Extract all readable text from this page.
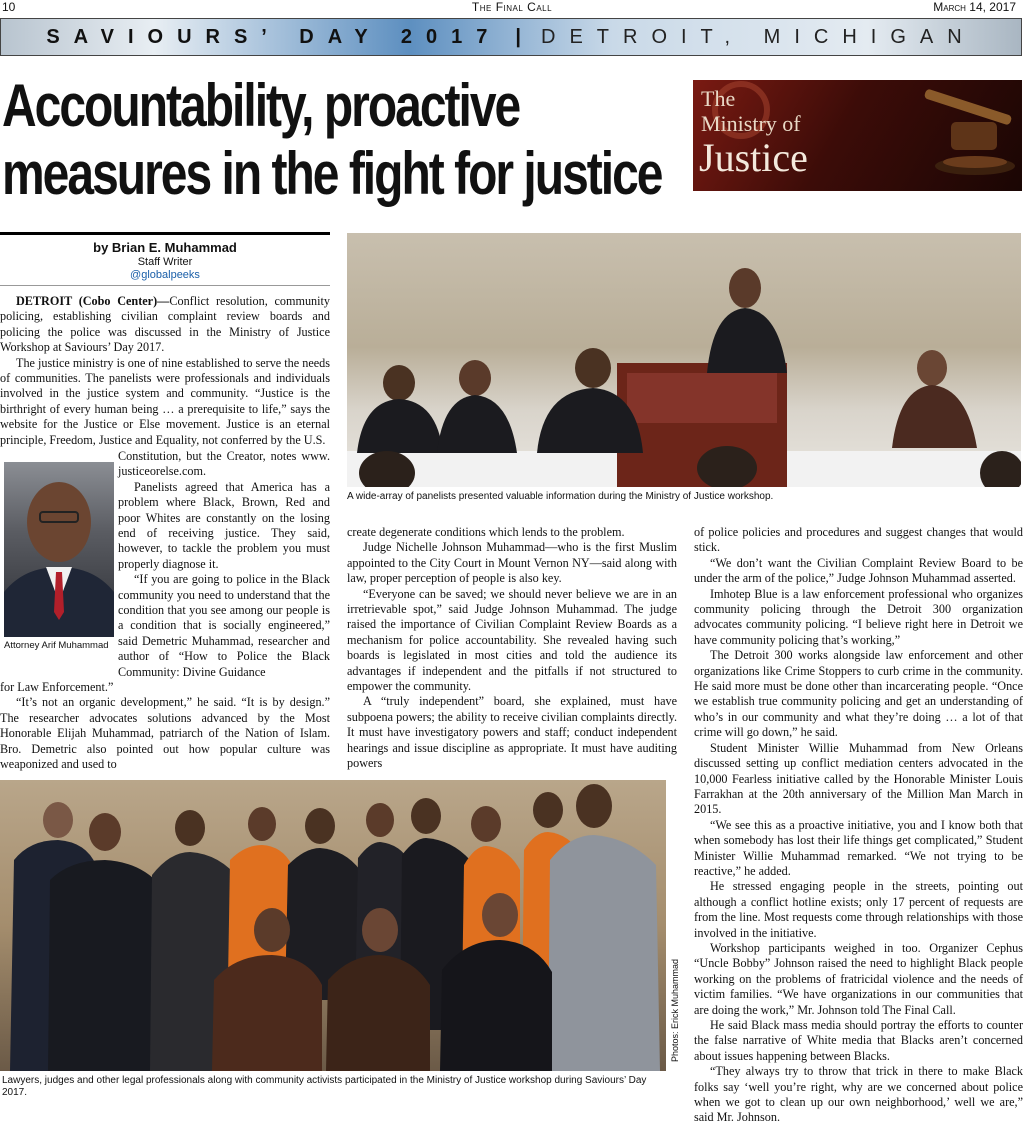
10	The Final Call	March 14, 2017
SAVIOURS’ DAY 2017 | DETROIT, MICHIGAN
Accountability, proactive
measures in the fight for justice
The
Ministry of
Justice
by Brian E. Muhammad
Staff Writer
@globalpeeks

DETROIT (Cobo Center)—Conflict resolution, community policing, establishing civilian complaint review boards and policing the police was discussed in the Ministry of Justice Workshop at Saviours’ Day 2017.

The justice ministry is one of nine established to serve the needs of communities. The panelists were professionals and individuals involved in the justice system and community. “Justice is the birthright of every human being … a prerequisite to life,” says the website for the Justice or Else movement. Justice is an eternal principle, Freedom, Justice and Equality, not conferred by the U.S.

Attorney Arif Muhammad

Constitution, but the Creator, notes www. justiceorelse.com.

Panelists agreed that America has a problem where Black, Brown, Red and poor Whites are constantly on the losing end of receiving justice. They said, however, to tackle the problem you must properly diagnose it.

“If you are going to police in the Black community you need to understand that the condition that you see among our people is a condition that is socially engineered,” said Demetric Muhammad, researcher and author of “How to Police the Black Community: Divine Guidance

for Law Enforcement.”

“It’s not an organic development,” he said. “It is by design.” The researcher advocates solutions advanced by the Most Honorable Elijah Muhammad, patriarch of the Nation of Islam. Bro. Demetric also pointed out how popular culture was weaponized and used to

A wide-array of panelists presented valuable information during the Ministry of Justice workshop.

create degenerate conditions which lends to the problem.

Judge Nichelle Johnson Muhammad—who is the first Muslim appointed to the City Court in Mount Vernon NY—said along with law, proper perception of people is also key.

“Everyone can be saved; we should never believe we are in an irretrievable spot,” said Judge Johnson Muhammad. The judge raised the importance of Civilian Complaint Review Boards as a mechanism for police accountability. She revealed having such boards is legislated in most cities and told the audience its advantages if independent and the pitfalls if not structured to empower the community.

A “truly independent” board, she explained, must have subpoena powers; the ability to receive civilian complaints directly. It must have investigatory powers and staff; conduct independent hearings and issue discipline as appropriate. It must have auditing powers

of police policies and procedures and suggest changes that would stick.

“We don’t want the Civilian Complaint Review Board to be under the arm of the police,” Judge Johnson Muhammad asserted.

Imhotep Blue is a law enforcement professional who organizes community policing through the Detroit 300 organization advocates community policing. “I believe right here in Detroit we have community policing that’s working,”

The Detroit 300 works alongside law enforcement and other organizations like Crime Stoppers to curb crime in the community. He said more must be done other than incarcerating people. “Once we establish true community policing and get an understanding of who’s in our community and what they’re doing … a lot of that crime will go down,” he said.

Student Minister Willie Muhammad from New Orleans discussed setting up conflict mediation centers advocated in the 10,000 Fearless initiative called by the Honorable Minister Louis Farrakhan at the 20th anniversary of the Million Man March in 2015.

“We see this as a proactive initiative, you and I know both that when somebody has lost their life things get complicated,” Student Minister Willie Muhammad remarked. “We not trying to be reactive,” he added.

He stressed engaging people in the streets, pointing out although a conflict hotline exists; only 17 percent of requests are from the line. Most requests come through relationships with those involved in the initiative.

Workshop participants weighed in too. Organizer Cephus “Uncle Bobby” Johnson raised the need to highlight Black people working on the problems of fratricidal violence and the needs of victim families. “We have organizations in our communities that are doing the work,” Mr. Johnson told The Final Call.

He said Black mass media should portray the efforts to counter the false narrative of White media that Blacks aren’t concerned about issues happening between Blacks.

“They always try to throw that trick in there to make Black folks say ‘well you’re right, why are we concerned about police when we got to clean up our own neighborhood,’ well we are,” said Mr. Johnson.

Photos: Erick Muhammad
Lawyers, judges and other legal professionals along with community activists participated in the Ministry of Justice workshop during Saviours’ Day 2017.
